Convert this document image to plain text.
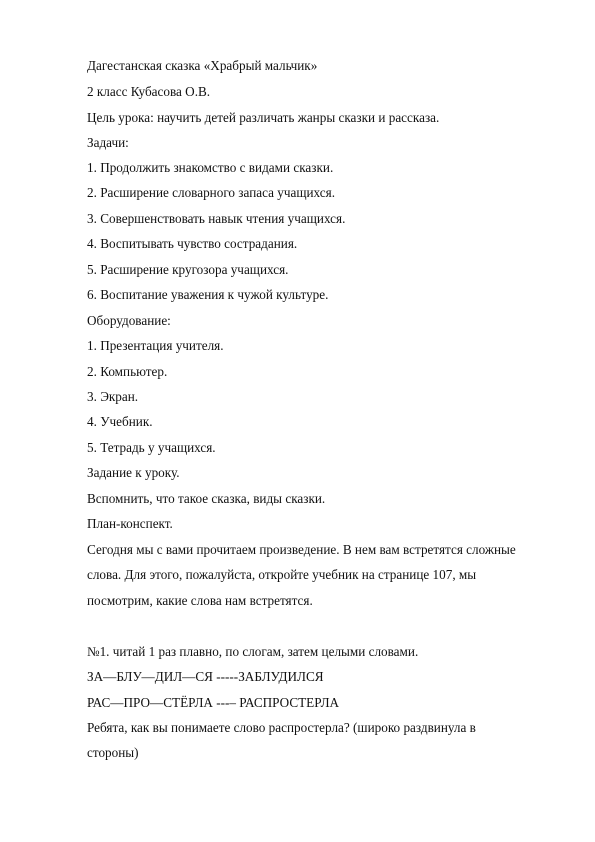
Дагестанская сказка «Храбрый мальчик»
2 класс Кубасова О.В.
Цель урока: научить детей различать жанры сказки и рассказа.
Задачи:
1. Продолжить знакомство с видами сказки.
2. Расширение словарного запаса учащихся.
3. Совершенствовать навык чтения учащихся.
4. Воспитывать чувство сострадания.
5. Расширение кругозора учащихся.
6. Воспитание уважения к чужой культуре.
Оборудование:
1. Презентация учителя.
2. Компьютер.
3. Экран.
4. Учебник.
5. Тетрадь у учащихся.
Задание к уроку.
Вспомнить, что такое сказка, виды сказки.
План-конспект.
Сегодня мы с вами прочитаем произведение. В нем вам встретятся сложные
слова. Для этого, пожалуйста, откройте учебник на странице 107, мы
посмотрим, какие слова нам встретятся.
№1. читай 1 раз плавно, по слогам, затем целыми словами.
ЗА—БЛУ—ДИЛ—СЯ -----ЗАБЛУДИЛСЯ
РАС—ПРО—СТЁРЛА ---– РАСПРОСТЕРЛА
Ребята, как вы понимаете слово распростерла? (широко раздвинула в
стороны)
